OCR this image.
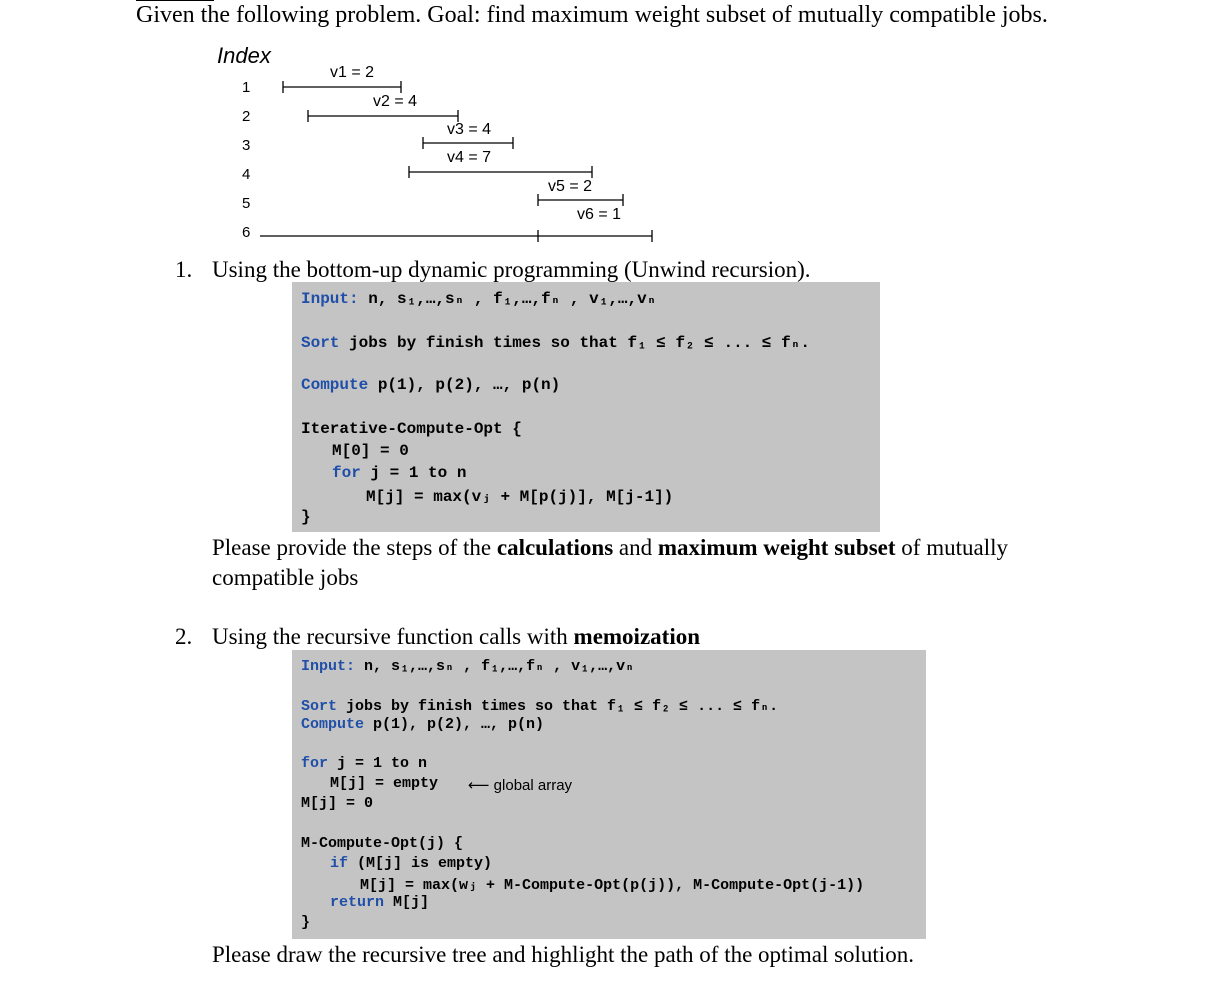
Given the following problem. Goal: find maximum weight subset of mutually compatible jobs.
Index
1
2
3
4
5
6
v1 = 2
v2 = 4
v3 = 4
v4 = 7
v5 = 2
v6 = 1
1. Using the bottom-up dynamic programming (Unwind recursion).
Input: n, s₁,…,sₙ , f₁,…,fₙ , v₁,…,vₙ
Sort jobs by finish times so that f₁ ≤ f₂ ≤ ... ≤ fₙ.
Compute p(1), p(2), …, p(n)
Iterative-Compute-Opt {
M[0] = 0
for j = 1 to n
M[j] = max(vⱼ + M[p(j)], M[j-1])
}
Please provide the steps of the calculations and maximum weight subset of mutually
compatible jobs
2. Using the recursive function calls with memoization
Input: n, s₁,…,sₙ , f₁,…,fₙ , v₁,…,vₙ
Sort jobs by finish times so that f₁ ≤ f₂ ≤ ... ≤ fₙ.
Compute p(1), p(2), …, p(n)
for j = 1 to n
M[j] = empty ⟵ global array
M[j] = 0
M-Compute-Opt(j) {
if (M[j] is empty)
M[j] = max(wⱼ + M-Compute-Opt(p(j)), M-Compute-Opt(j-1))
return M[j]
}
Please draw the recursive tree and highlight the path of the optimal solution.
